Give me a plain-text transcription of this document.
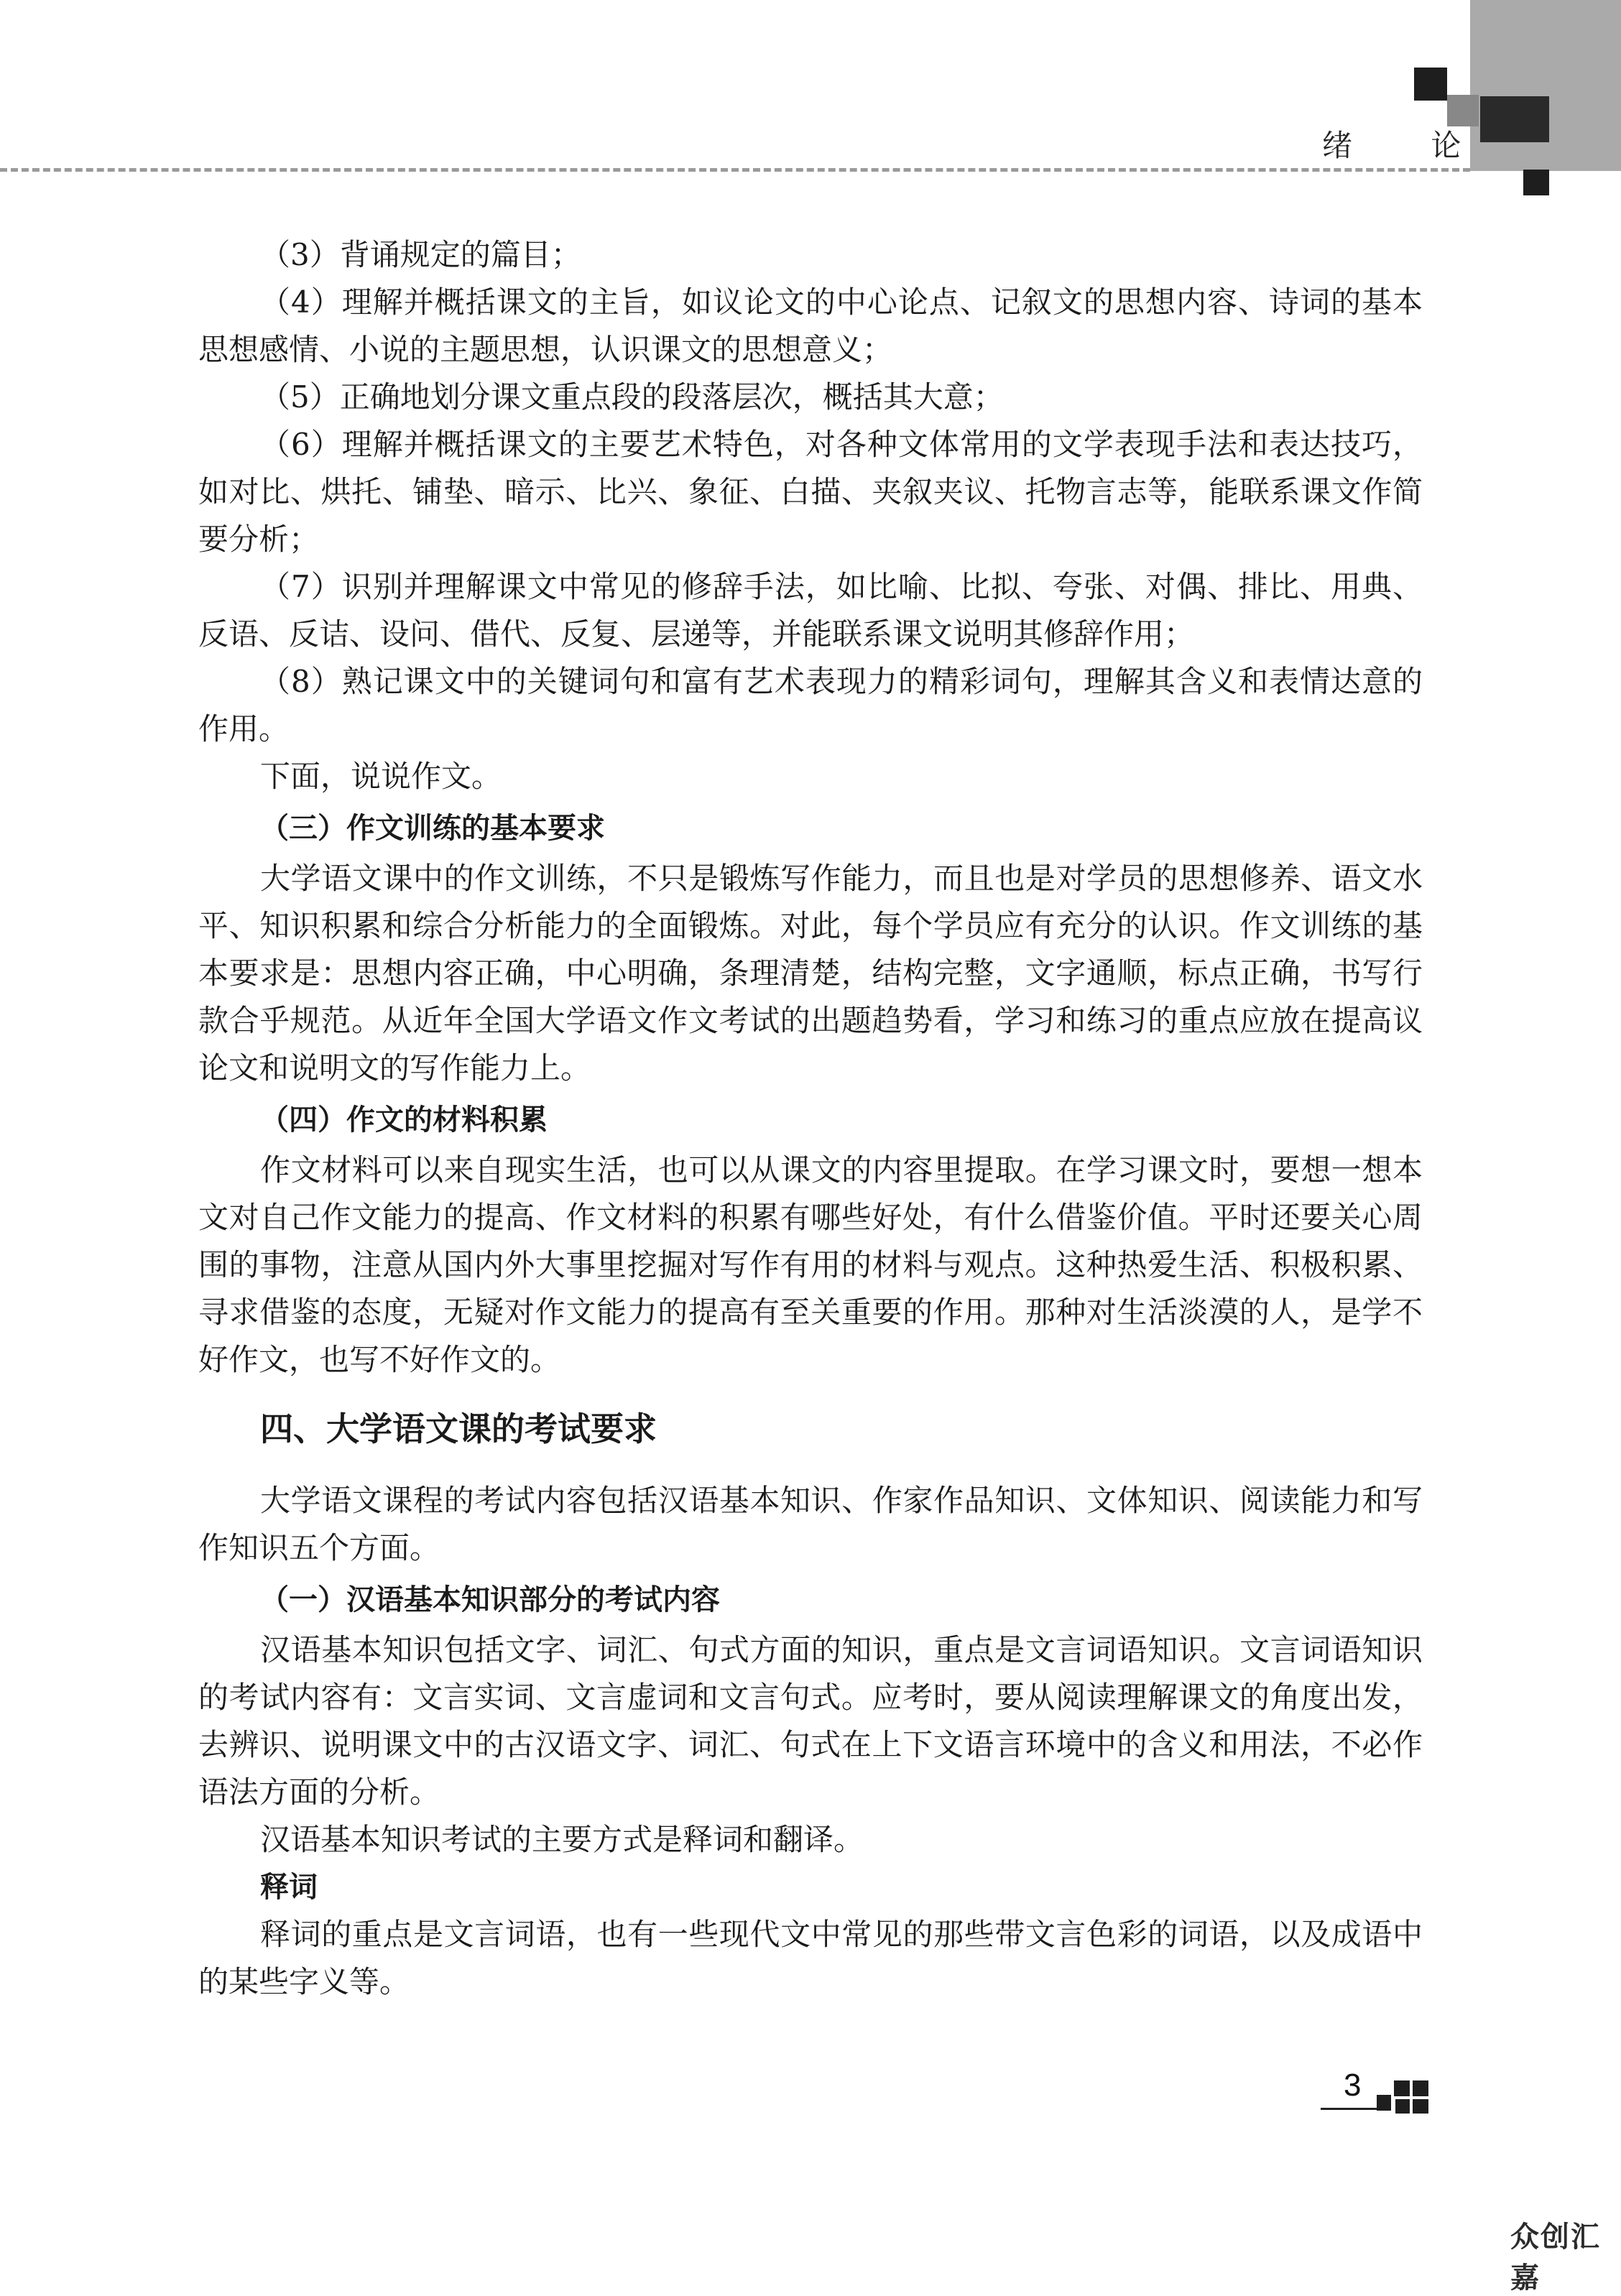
绪 论

（3）背诵规定的篇目；

（4）理解并概括课文的主旨，如议论文的中心论点、记叙文的思想内容、诗词的基本思想感情、小说的主题思想，认识课文的思想意义；

（5）正确地划分课文重点段的段落层次，概括其大意；

（6）理解并概括课文的主要艺术特色，对各种文体常用的文学表现手法和表达技巧，如对比、烘托、铺垫、暗示、比兴、象征、白描、夹叙夹议、托物言志等，能联系课文作简要分析；

（7）识别并理解课文中常见的修辞手法，如比喻、比拟、夸张、对偶、排比、用典、反语、反诘、设问、借代、反复、层递等，并能联系课文说明其修辞作用；

（8）熟记课文中的关键词句和富有艺术表现力的精彩词句，理解其含义和表情达意的作用。

下面，说说作文。

（三）作文训练的基本要求

大学语文课中的作文训练，不只是锻炼写作能力，而且也是对学员的思想修养、语文水平、知识积累和综合分析能力的全面锻炼。对此，每个学员应有充分的认识。作文训练的基本要求是：思想内容正确，中心明确，条理清楚，结构完整，文字通顺，标点正确，书写行款合乎规范。从近年全国大学语文作文考试的出题趋势看，学习和练习的重点应放在提高议论文和说明文的写作能力上。

（四）作文的材料积累

作文材料可以来自现实生活，也可以从课文的内容里提取。在学习课文时，要想一想本文对自己作文能力的提高、作文材料的积累有哪些好处，有什么借鉴价值。平时还要关心周围的事物，注意从国内外大事里挖掘对写作有用的材料与观点。这种热爱生活、积极积累、寻求借鉴的态度，无疑对作文能力的提高有至关重要的作用。那种对生活淡漠的人，是学不好作文，也写不好作文的。

四、大学语文课的考试要求

大学语文课程的考试内容包括汉语基本知识、作家作品知识、文体知识、阅读能力和写作知识五个方面。

（一）汉语基本知识部分的考试内容

汉语基本知识包括文字、词汇、句式方面的知识，重点是文言词语知识。文言词语知识的考试内容有：文言实词、文言虚词和文言句式。应考时，要从阅读理解课文的角度出发，去辨识、说明课文中的古汉语文字、词汇、句式在上下文语言环境中的含义和用法，不必作语法方面的分析。

汉语基本知识考试的主要方式是释词和翻译。

释词

释词的重点是文言词语，也有一些现代文中常见的那些带文言色彩的词语，以及成语中的某些字义等。

3
众创汇嘉
